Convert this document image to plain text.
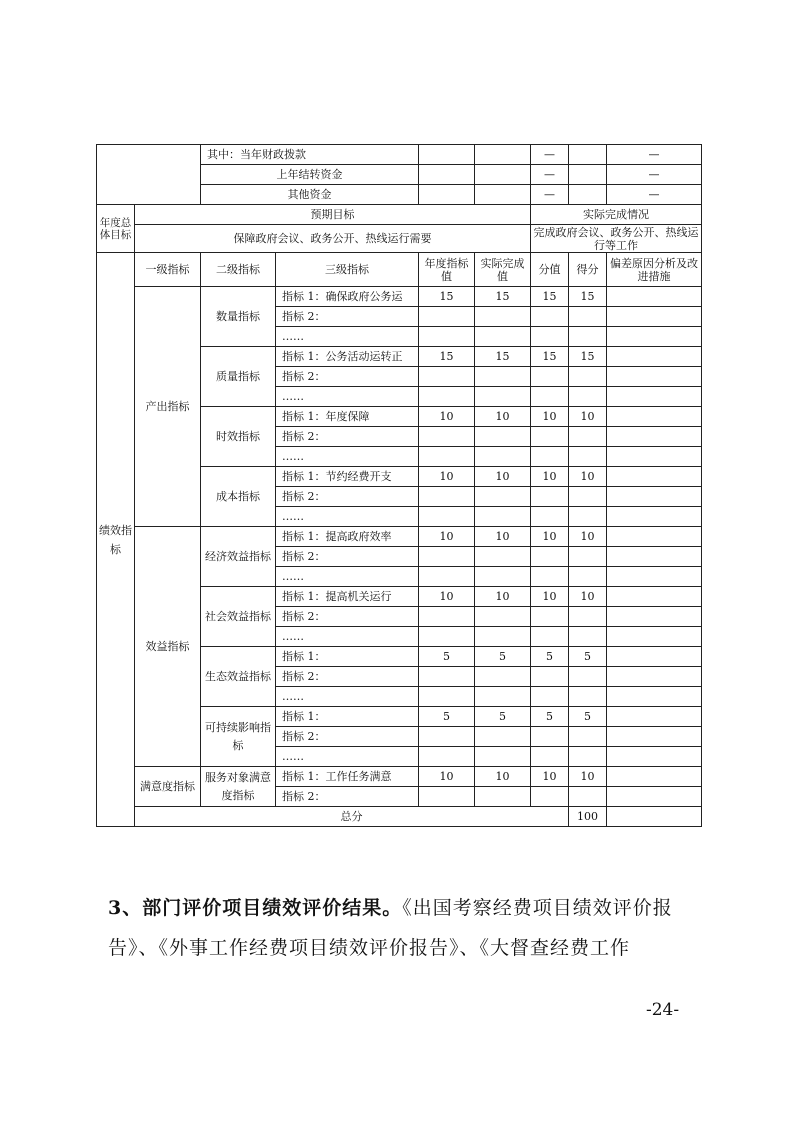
		其中：当年财政拨款				—		—	
		上年结转资金				—		—	
		其他资金				—		—	
年度总体目标	预期目标					实际完成情况			
	保障政府会议、政务公开、热线运行需要					完成政府会议、政务公开、热线运行等工作			
绩效指标	一级指标	二级指标	三级指标	年度指标值	实际完成值	分值	得分	偏差原因分析及改进措施	
	产出指标	数量指标	指标 1：确保政府公务运	15	15	15	15		
			指标 2：						
			……						
		质量指标	指标 1：公务活动运转正	15	15	15	15		
			指标 2：						
			……						
		时效指标	指标 1：年度保障	10	10	10	10		
			指标 2：						
			……						
		成本指标	指标 1：节约经费开支	10	10	10	10		
			指标 2：						
			……						
	效益指标	经济效益指标	指标 1：提高政府效率	10	10	10	10		
			指标 2：						
			……						
		社会效益指标	指标 1：提高机关运行	10	10	10	10		
			指标 2：						
			……						
		生态效益指标	指标 1：	5	5	5	5		
			指标 2：						
			……						
		可持续影响指标	指标 1：	5	5	5	5		
			指标 2：						
			……						
	满意度指标	服务对象满意度指标	指标 1：工作任务满意	10	10	10	10		
			指标 2：						
	总分						100		
3、部门评价项目绩效评价结果。《出国考察经费项目绩效评价报告》、《外事工作经费项目绩效评价报告》、《大督查经费工作
-24-
